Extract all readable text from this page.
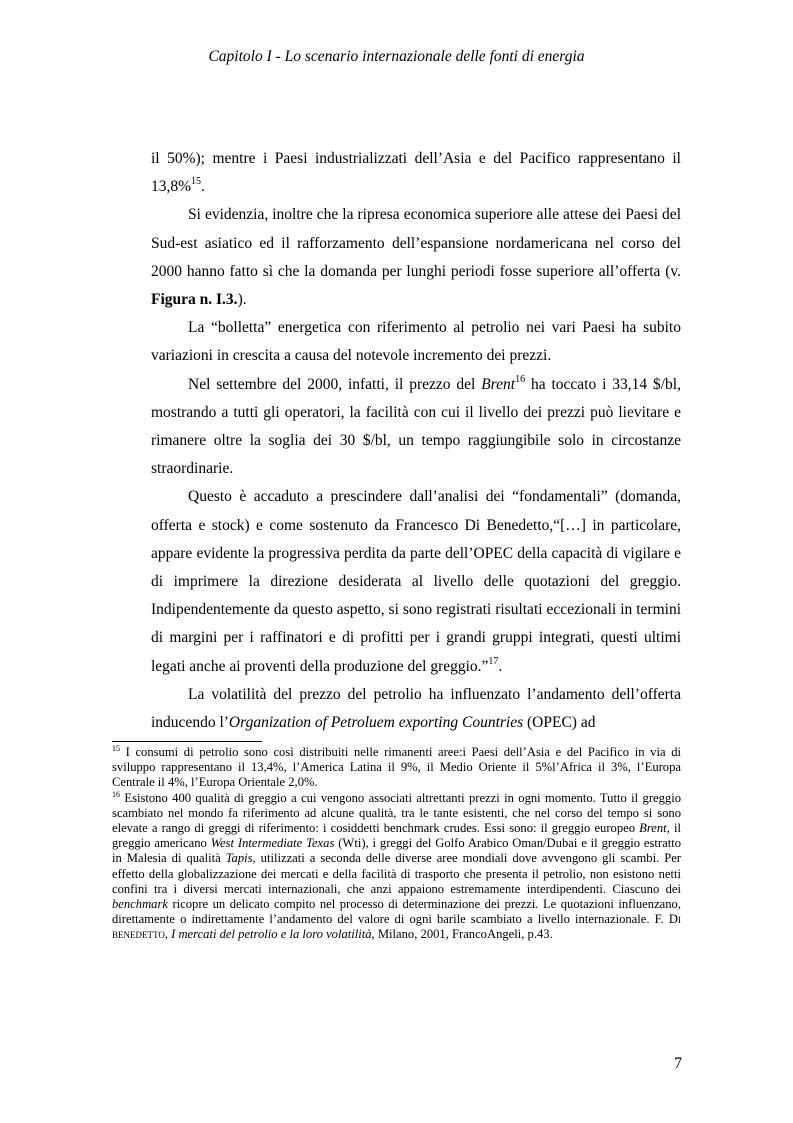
Capitolo I - Lo scenario internazionale delle fonti di energia

il 50%); mentre i Paesi industrializzati dell’Asia e del Pacifico rappresentano il 13,8%$^{15}$.

Si evidenzia, inoltre che la ripresa economica superiore alle attese dei Paesi del Sud-est asiatico ed il rafforzamento dell’espansione nordamericana nel corso del 2000 hanno fatto sì che la domanda per lunghi periodi fosse superiore all’offerta (v. Figura n. I.3.).

La “bolletta” energetica con riferimento al petrolio nei vari Paesi ha subito variazioni in crescita a causa del notevole incremento dei prezzi.

Nel settembre del 2000, infatti, il prezzo del Brent$^{16}$ ha toccato i 33,14 $/bl, mostrando a tutti gli operatori, la facilità con cui il livello dei prezzi può lievitare e rimanere oltre la soglia dei 30 $/bl, un tempo raggiungibile solo in circostanze straordinarie.

Questo è accaduto a prescindere dall’analisi dei “fondamentali” (domanda, offerta e stock) e come sostenuto da Francesco Di Benedetto,“[…] in particolare, appare evidente la progressiva perdita da parte dell’OPEC della capacità di vigilare e di imprimere la direzione desiderata al livello delle quotazioni del greggio. Indipendentemente da questo aspetto, si sono registrati risultati eccezionali in termini di margini per i raffinatori e di profitti per i grandi gruppi integrati, questi ultimi legati anche ai proventi della produzione del greggio.”$^{17}$.

La volatilità del prezzo del petrolio ha influenzato l’andamento dell’offerta inducendo l’Organization of Petroluem exporting Countries (OPEC) ad

$^{15}$ I consumi di petrolio sono così distribuiti nelle rimanenti aree:i Paesi dell’Asia e del Pacifico in via di sviluppo rappresentano il 13,4%, l’America Latina il 9%, il Medio Oriente il 5%l’Africa il 3%, l’Europa Centrale il 4%, l’Europa Orientale 2,0%.

$^{16}$ Esistono 400 qualità di greggio a cui vengono associati altrettanti prezzi in ogni momento. Tutto il greggio scambiato nel mondo fa riferimento ad alcune qualità, tra le tante esistenti, che nel corso del tempo si sono elevate a rango di greggi di riferimento: i cosiddetti benchmark crudes. Essi sono: il greggio europeo Brent, il greggio americano West Intermediate Texas (Wti), i greggi del Golfo Arabico Oman/Dubai e il greggio estratto in Malesia di qualità Tapis, utilizzati a seconda delle diverse aree mondiali dove avvengono gli scambi. Per effetto della globalizzazione dei mercati e della facilità di trasporto che presenta il petrolio, non esistono netti confini tra i diversi mercati internazionali, che anzi appaiono estremamente interdipendenti. Ciascuno dei benchmark ricopre un delicato compito nel processo di determinazione dei prezzi. Le quotazioni influenzano, direttamente o indirettamente l’andamento del valore di ogni barile scambiato a livello internazionale. F. Di benedetto, I mercati del petrolio e la loro volatilità, Milano, 2001, FrancoAngeli, p.43.

7
